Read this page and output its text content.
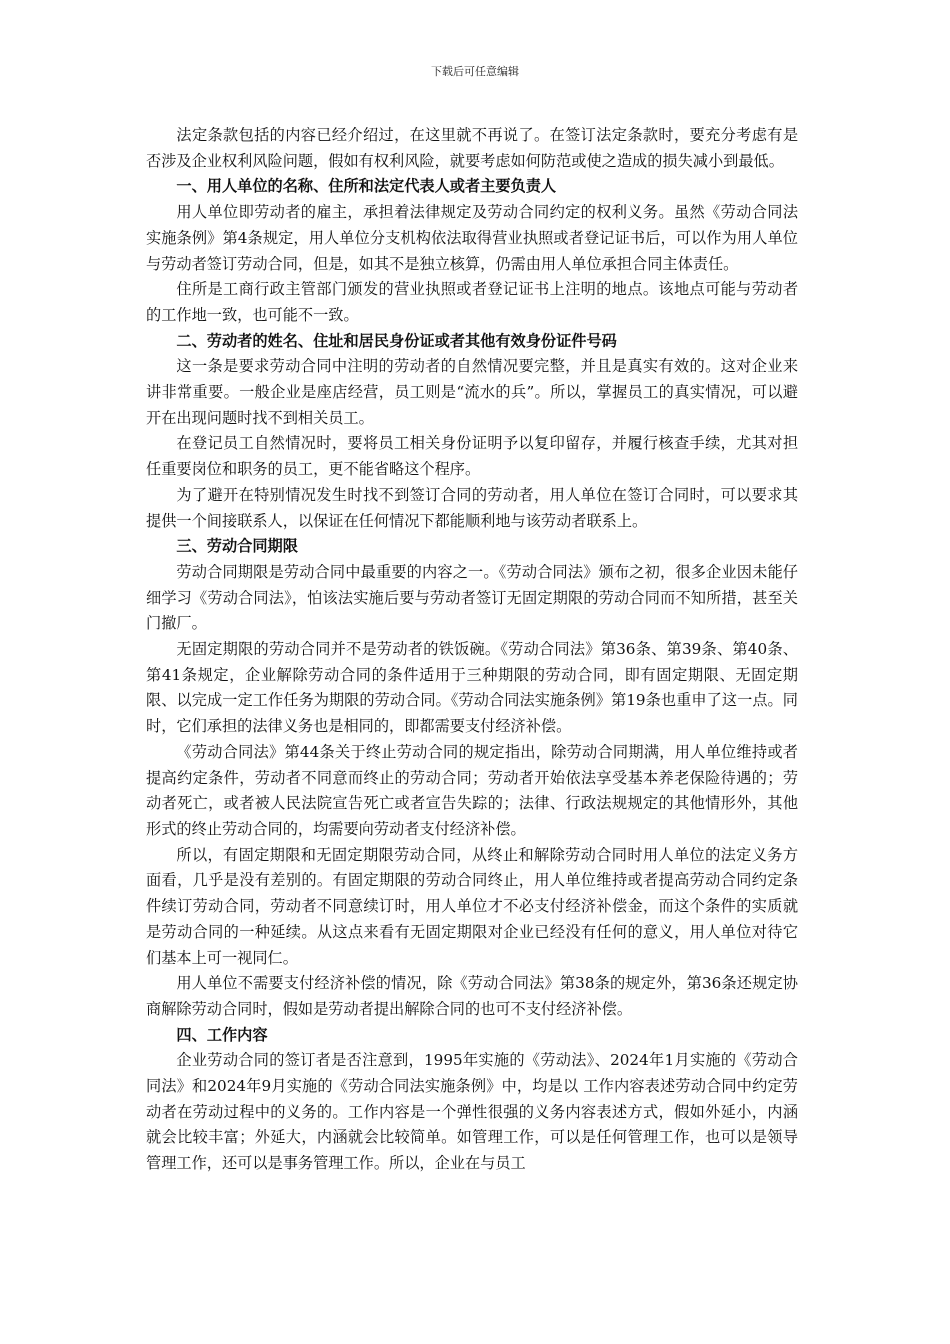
下载后可任意编辑

法定条款包括的内容已经介绍过，在这里就不再说了。在签订法定条款时，要充分考虑有是否涉及企业权利风险问题，假如有权利风险，就要考虑如何防范或使之造成的损失减小到最低。

一、用人单位的名称、住所和法定代表人或者主要负责人

用人单位即劳动者的雇主，承担着法律规定及劳动合同约定的权利义务。虽然《劳动合同法实施条例》第4条规定，用人单位分支机构依法取得营业执照或者登记证书后，可以作为用人单位与劳动者签订劳动合同，但是，如其不是独立核算，仍需由用人单位承担合同主体责任。

住所是工商行政主管部门颁发的营业执照或者登记证书上注明的地点。该地点可能与劳动者的工作地一致，也可能不一致。

二、劳动者的姓名、住址和居民身份证或者其他有效身份证件号码

这一条是要求劳动合同中注明的劳动者的自然情况要完整，并且是真实有效的。这对企业来讲非常重要。一般企业是座店经营，员工则是“流水的兵”。所以，掌握员工的真实情况，可以避开在出现问题时找不到相关员工。

在登记员工自然情况时，要将员工相关身份证明予以复印留存，并履行核查手续，尤其对担任重要岗位和职务的员工，更不能省略这个程序。

为了避开在特别情况发生时找不到签订合同的劳动者，用人单位在签订合同时，可以要求其提供一个间接联系人，以保证在任何情况下都能顺利地与该劳动者联系上。

三、劳动合同期限

劳动合同期限是劳动合同中最重要的内容之一。《劳动合同法》颁布之初，很多企业因未能仔细学习《劳动合同法》，怕该法实施后要与劳动者签订无固定期限的劳动合同而不知所措，甚至关门撤厂。

无固定期限的劳动合同并不是劳动者的铁饭碗。《劳动合同法》第36条、第39条、第40条、第41条规定，企业解除劳动合同的条件适用于三种期限的劳动合同，即有固定期限、无固定期限、以完成一定工作任务为期限的劳动合同。《劳动合同法实施条例》第19条也重申了这一点。同时，它们承担的法律义务也是相同的，即都需要支付经济补偿。

《劳动合同法》第44条关于终止劳动合同的规定指出，除劳动合同期满，用人单位维持或者提高约定条件，劳动者不同意而终止的劳动合同；劳动者开始依法享受基本养老保险待遇的；劳动者死亡，或者被人民法院宣告死亡或者宣告失踪的；法律、行政法规规定的其他情形外，其他形式的终止劳动合同的，均需要向劳动者支付经济补偿。

所以，有固定期限和无固定期限劳动合同，从终止和解除劳动合同时用人单位的法定义务方面看，几乎是没有差别的。有固定期限的劳动合同终止，用人单位维持或者提高劳动合同约定条件续订劳动合同，劳动者不同意续订时，用人单位才不必支付经济补偿金，而这个条件的实质就是劳动合同的一种延续。从这点来看有无固定期限对企业已经没有任何的意义，用人单位对待它们基本上可一视同仁。

用人单位不需要支付经济补偿的情况，除《劳动合同法》第38条的规定外，第36条还规定协商解除劳动合同时，假如是劳动者提出解除合同的也可不支付经济补偿。

四、工作内容

企业劳动合同的签订者是否注意到，1995年实施的《劳动法》、2024年1月实施的《劳动合同法》和2024年9月实施的《劳动合同法实施条例》中，均是以 工作内容表述劳动合同中约定劳动者在劳动过程中的义务的。工作内容是一个弹性很强的义务内容表述方式，假如外延小，内涵就会比较丰富；外延大，内涵就会比较简单。如管理工作，可以是任何管理工作，也可以是领导管理工作，还可以是事务管理工作。所以，企业在与员工
